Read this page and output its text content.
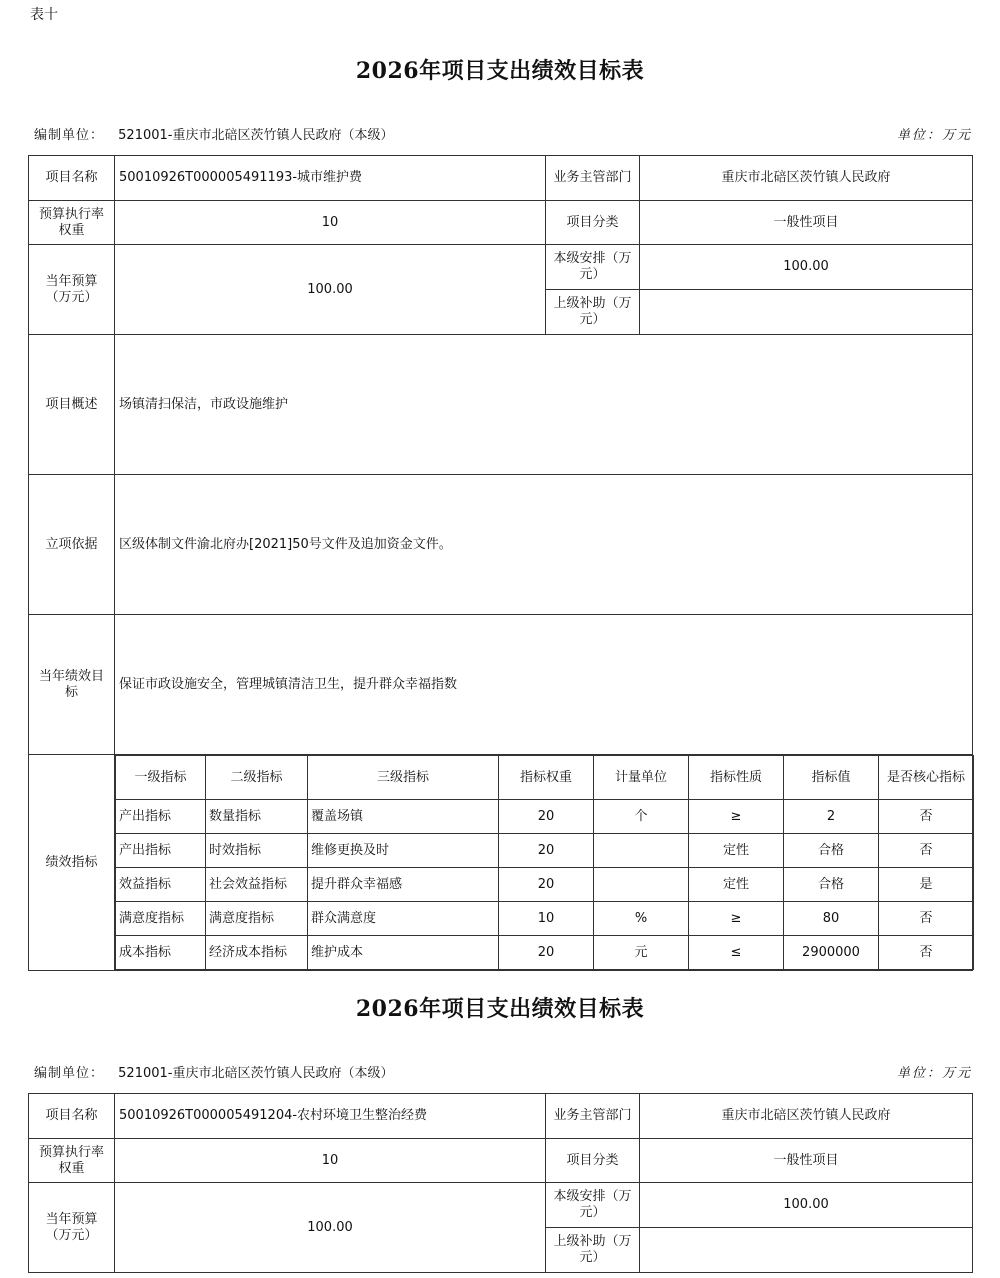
表十
2026年项目支出绩效目标表
编制单位： 521001-重庆市北碚区茨竹镇人民政府（本级）	单位：万元
项目名称	50010926T000005491193-城市维护费	业务主管部门	重庆市北碚区茨竹镇人民政府
预算执行率权重	10	项目分类	一般性项目
当年预算（万元）	100.00	本级安排（万元）	100.00
上级补助（万元）	
项目概述	场镇清扫保洁，市政设施维护
立项依据	区级体制文件渝北府办[2021]50号文件及追加资金文件。
当年绩效目标	保证市政设施安全，管理城镇清洁卫生，提升群众幸福指数
绩效指标	
一级指标	二级指标	三级指标	指标权重	计量单位	指标性质	指标值	是否核心指标
产出指标	数量指标	覆盖场镇	20	个	≥	2	否
产出指标	时效指标	维修更换及时	20		定性	合格	否
效益指标	社会效益指标	提升群众幸福感	20		定性	合格	是
满意度指标	满意度指标	群众满意度	10	%	≥	80	否
成本指标	经济成本指标	维护成本	20	元	≤	2900000	否
2026年项目支出绩效目标表
编制单位： 521001-重庆市北碚区茨竹镇人民政府（本级）	单位：万元
项目名称	50010926T000005491204-农村环境卫生整治经费	业务主管部门	重庆市北碚区茨竹镇人民政府
预算执行率权重	10	项目分类	一般性项目
当年预算（万元）	100.00	本级安排（万元）	100.00
		上级补助（万元）	
